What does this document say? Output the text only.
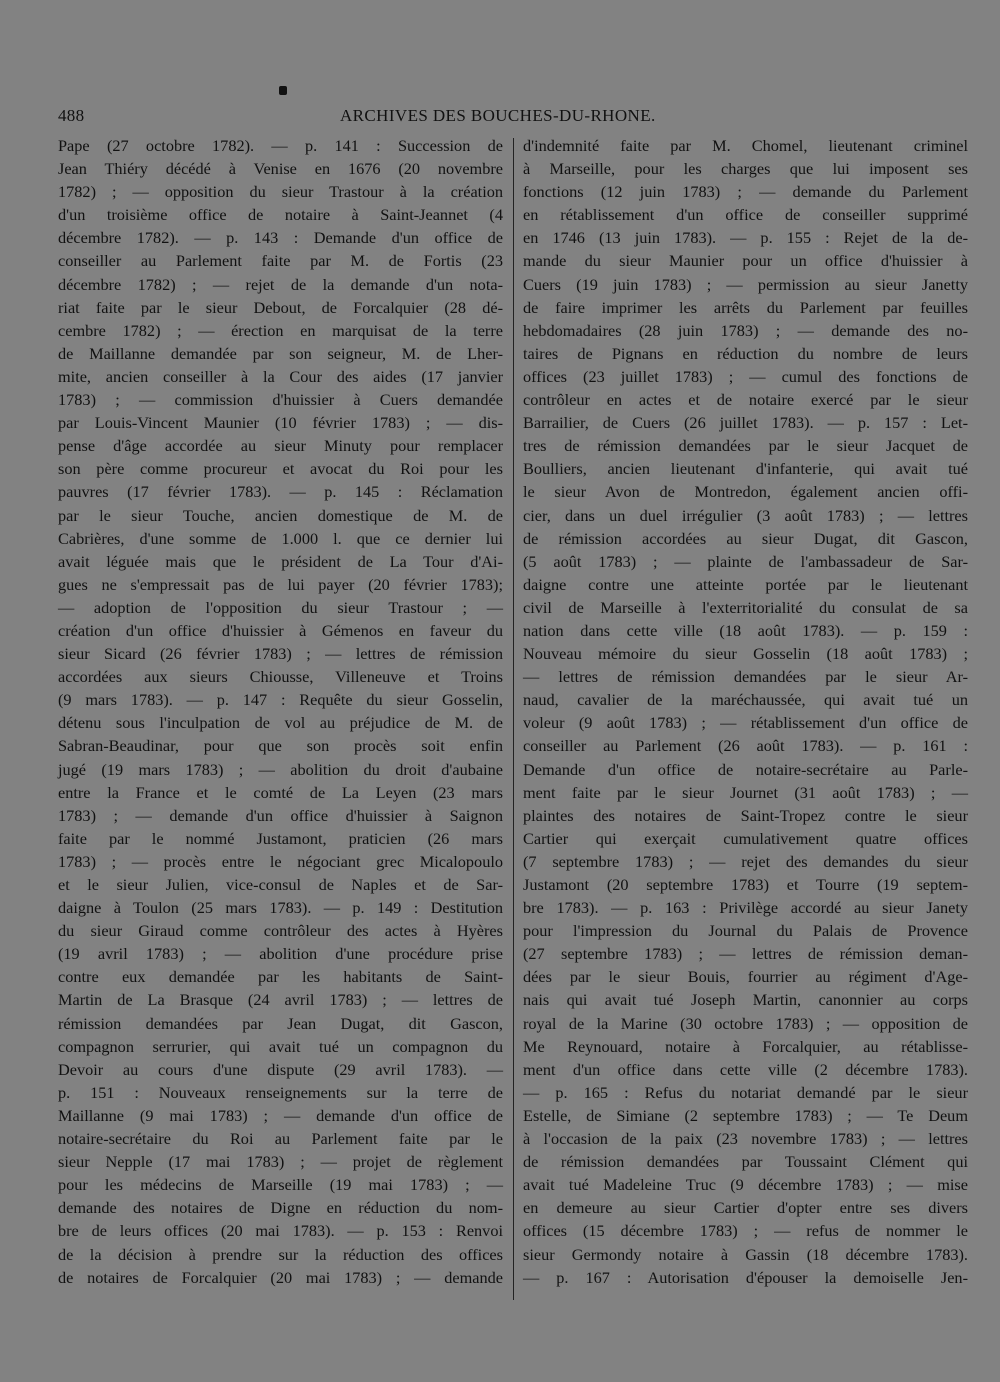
488	ARCHIVES DES BOUCHES-DU-RHONE.
Pape (27 octobre 1782). — p. 141 : Succession de
Jean Thiéry décédé à Venise en 1676 (20 novembre
1782) ; — opposition du sieur Trastour à la création
d'un troisième office de notaire à Saint-Jeannet (4
décembre 1782). — p. 143 : Demande d'un office de
conseiller au Parlement faite par M. de Fortis (23
décembre 1782) ; — rejet de la demande d'un nota-
riat faite par le sieur Debout, de Forcalquier (28 dé-
cembre 1782) ; — érection en marquisat de la terre
de Maillanne demandée par son seigneur, M. de Lher-
mite, ancien conseiller à la Cour des aides (17 janvier
1783) ; — commission d'huissier à Cuers demandée
par Louis-Vincent Maunier (10 février 1783) ; — dis-
pense d'âge accordée au sieur Minuty pour remplacer
son père comme procureur et avocat du Roi pour les
pauvres (17 février 1783). — p. 145 : Réclamation
par le sieur Touche, ancien domestique de M. de
Cabrières, d'une somme de 1.000 l. que ce dernier lui
avait léguée mais que le président de La Tour d'Ai-
gues ne s'empressait pas de lui payer (20 février 1783);
— adoption de l'opposition du sieur Trastour ; —
création d'un office d'huissier à Gémenos en faveur du
sieur Sicard (26 février 1783) ; — lettres de rémission
accordées aux sieurs Chiousse, Villeneuve et Troins
(9 mars 1783). — p. 147 : Requête du sieur Gosselin,
détenu sous l'inculpation de vol au préjudice de M. de
Sabran-Beaudinar, pour que son procès soit enfin
jugé (19 mars 1783) ; — abolition du droit d'aubaine
entre la France et le comté de La Leyen (23 mars
1783) ; — demande d'un office d'huissier à Saignon
faite par le nommé Justamont, praticien (26 mars
1783) ; — procès entre le négociant grec Micalopoulo
et le sieur Julien, vice-consul de Naples et de Sar-
daigne à Toulon (25 mars 1783). — p. 149 : Destitution
du sieur Giraud comme contrôleur des actes à Hyères
(19 avril 1783) ; — abolition d'une procédure prise
contre eux demandée par les habitants de Saint-
Martin de La Brasque (24 avril 1783) ; — lettres de
rémission demandées par Jean Dugat, dit Gascon,
compagnon serrurier, qui avait tué un compagnon du
Devoir au cours d'une dispute (29 avril 1783). —
p. 151 : Nouveaux renseignements sur la terre de
Maillanne (9 mai 1783) ; — demande d'un office de
notaire-secrétaire du Roi au Parlement faite par le
sieur Nepple (17 mai 1783) ; — projet de règlement
pour les médecins de Marseille (19 mai 1783) ; —
demande des notaires de Digne en réduction du nom-
bre de leurs offices (20 mai 1783). — p. 153 : Renvoi
de la décision à prendre sur la réduction des offices
de notaires de Forcalquier (20 mai 1783) ; — demande
d'indemnité faite par M. Chomel, lieutenant criminel
à Marseille, pour les charges que lui imposent ses
fonctions (12 juin 1783) ; — demande du Parlement
en rétablissement d'un office de conseiller supprimé
en 1746 (13 juin 1783). — p. 155 : Rejet de la de-
mande du sieur Maunier pour un office d'huissier à
Cuers (19 juin 1783) ; — permission au sieur Janetty
de faire imprimer les arrêts du Parlement par feuilles
hebdomadaires (28 juin 1783) ; — demande des no-
taires de Pignans en réduction du nombre de leurs
offices (23 juillet 1783) ; — cumul des fonctions de
contrôleur en actes et de notaire exercé par le sieur
Barrailier, de Cuers (26 juillet 1783). — p. 157 : Let-
tres de rémission demandées par le sieur Jacquet de
Boulliers, ancien lieutenant d'infanterie, qui avait tué
le sieur Avon de Montredon, également ancien offi-
cier, dans un duel irrégulier (3 août 1783) ; — lettres
de rémission accordées au sieur Dugat, dit Gascon,
(5 août 1783) ; — plainte de l'ambassadeur de Sar-
daigne contre une atteinte portée par le lieutenant
civil de Marseille à l'exterritorialité du consulat de sa
nation dans cette ville (18 août 1783). — p. 159 :
Nouveau mémoire du sieur Gosselin (18 août 1783) ;
— lettres de rémission demandées par le sieur Ar-
naud, cavalier de la maréchaussée, qui avait tué un
voleur (9 août 1783) ; — rétablissement d'un office de
conseiller au Parlement (26 août 1783). — p. 161 :
Demande d'un office de notaire-secrétaire au Parle-
ment faite par le sieur Journet (31 août 1783) ; —
plaintes des notaires de Saint-Tropez contre le sieur
Cartier qui exerçait cumulativement quatre offices
(7 septembre 1783) ; — rejet des demandes du sieur
Justamont (20 septembre 1783) et Tourre (19 septem-
bre 1783). — p. 163 : Privilège accordé au sieur Janety
pour l'impression du Journal du Palais de Provence
(27 septembre 1783) ; — lettres de rémission deman-
dées par le sieur Bouis, fourrier au régiment d'Age-
nais qui avait tué Joseph Martin, canonnier au corps
royal de la Marine (30 octobre 1783) ; — opposition de
Me Reynouard, notaire à Forcalquier, au rétablisse-
ment d'un office dans cette ville (2 décembre 1783).
— p. 165 : Refus du notariat demandé par le sieur
Estelle, de Simiane (2 septembre 1783) ; — Te Deum
à l'occasion de la paix (23 novembre 1783) ; — lettres
de rémission demandées par Toussaint Clément qui
avait tué Madeleine Truc (9 décembre 1783) ; — mise
en demeure au sieur Cartier d'opter entre ses divers
offices (15 décembre 1783) ; — refus de nommer le
sieur Germondy notaire à Gassin (18 décembre 1783).
— p. 167 : Autorisation d'épouser la demoiselle Jen-
